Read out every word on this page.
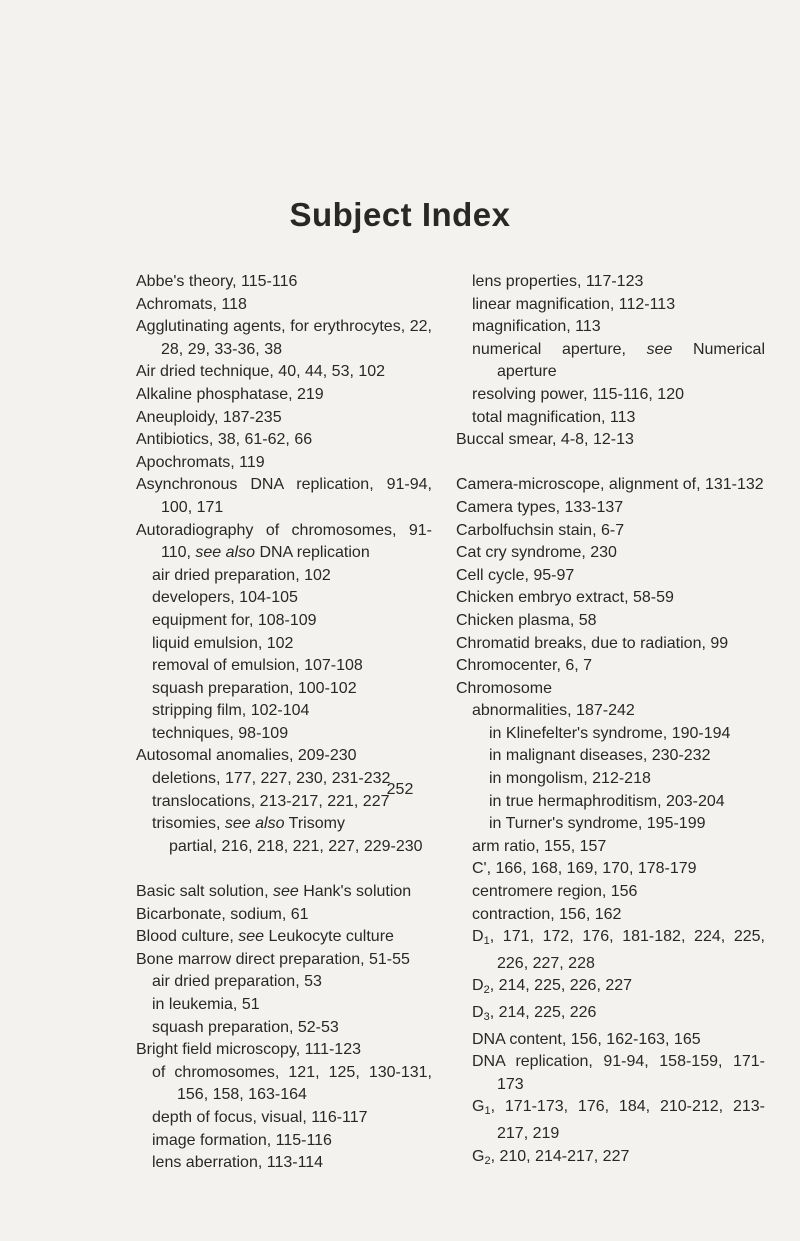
Subject Index
Abbe's theory, 115-116
Achromats, 118
Agglutinating agents, for erythrocytes, 22, 28, 29, 33-36, 38
Air dried technique, 40, 44, 53, 102
Alkaline phosphatase, 219
Aneuploidy, 187-235
Antibiotics, 38, 61-62, 66
Apochromats, 119
Asynchronous DNA replication, 91-94, 100, 171
Autoradiography of chromosomes, 91-110, see also DNA replication
air dried preparation, 102
developers, 104-105
equipment for, 108-109
liquid emulsion, 102
removal of emulsion, 107-108
squash preparation, 100-102
stripping film, 102-104
techniques, 98-109
Autosomal anomalies, 209-230
deletions, 177, 227, 230, 231-232
translocations, 213-217, 221, 227
trisomies, see also Trisomy
partial, 216, 218, 221, 227, 229-230
Basic salt solution, see Hank's solution
Bicarbonate, sodium, 61
Blood culture, see Leukocyte culture
Bone marrow direct preparation, 51-55
air dried preparation, 53
in leukemia, 51
squash preparation, 52-53
Bright field microscopy, 111-123
of chromosomes, 121, 125, 130-131, 156, 158, 163-164
depth of focus, visual, 116-117
image formation, 115-116
lens aberration, 113-114
lens properties, 117-123
linear magnification, 112-113
magnification, 113
numerical aperture, see Numerical aperture
resolving power, 115-116, 120
total magnification, 113
Buccal smear, 4-8, 12-13
Camera-microscope, alignment of, 131-132
Camera types, 133-137
Carbolfuchsin stain, 6-7
Cat cry syndrome, 230
Cell cycle, 95-97
Chicken embryo extract, 58-59
Chicken plasma, 58
Chromatid breaks, due to radiation, 99
Chromocenter, 6, 7
Chromosome
abnormalities, 187-242
in Klinefelter's syndrome, 190-194
in malignant diseases, 230-232
in mongolism, 212-218
in true hermaphroditism, 203-204
in Turner's syndrome, 195-199
arm ratio, 155, 157
C', 166, 168, 169, 170, 178-179
centromere region, 156
contraction, 156, 162
$D_1$, 171, 172, 176, 181-182, 224, 225, 226, 227, 228
$D_2$, 214, 225, 226, 227
$D_3$, 214, 225, 226
DNA content, 156, 162-163, 165
DNA replication, 91-94, 158-159, 171-173
$G_1$, 171-173, 176, 184, 210-212, 213-217, 219
$G_2$, 210, 214-217, 227
252
